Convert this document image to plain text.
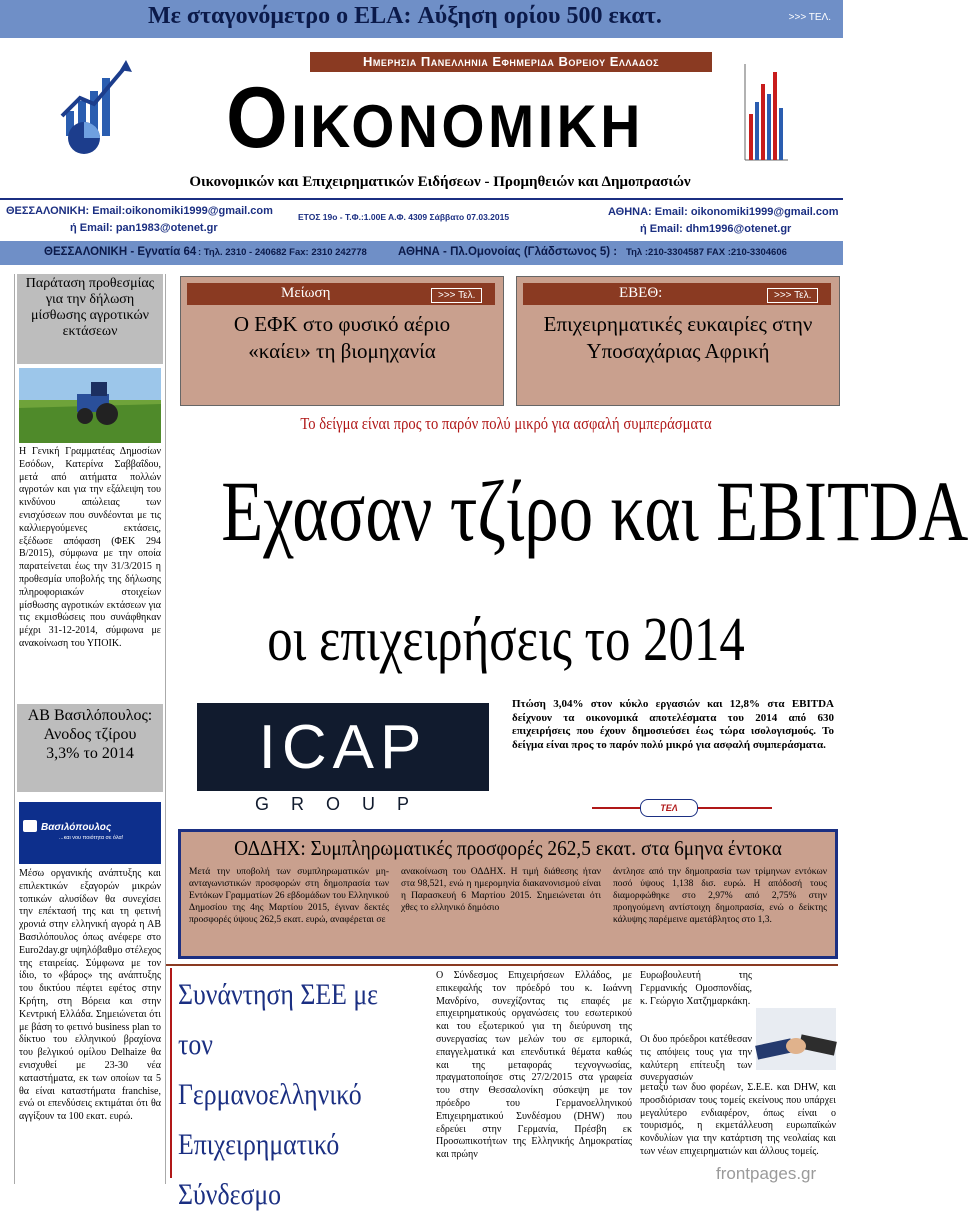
Με σταγονόμετρο ο ELA: Αύξηση ορίου 500 εκατ.	>>> ΤΕΛ.
Ημερησια Πανελληνια Εφημεριδα Βορειου Ελλαδος
Οικονομικη
Οικονομικών και Επιχειρηματικών Ειδήσεων - Προμηθειών και Δημοπρασιών
ΘΕΣΣΑΛΟΝΙΚΗ: Email:oikonomiki1999@gmail.com
ή Email: pan1983@otenet.gr
ΕΤΟΣ 19ο - Τ.Φ.:1.00Ε Α.Φ. 4309 Σάββατο 07.03.2015	ΑΘΗΝΑ: Email: oikonomiki1999@gmail.com
ή Email: dhm1996@otenet.gr
ΘΕΣΣΑΛΟΝΙΚΗ - Εγνατία 64 : Τηλ. 2310 - 240682 Fax: 2310 242778	ΑΘΗΝΑ - Πλ.Ομονοίας (Γλάδστωνος 5) : Τηλ :210-3304587 FAX :210-3304606
Παράταση προθεσμίας για την δήλωση μίσθωσης αγροτικών εκτάσεων
Η Γενική Γραμματέας Δημοσίων Εσόδων, Κατερίνα Σαββαΐδου, μετά από αιτήματα πολλών αγροτών και για την εξάλειψη του κινδύνου απώλειας των ενισχύσεων που συνδέονται με τις καλλιεργούμενες εκτάσεις, εξέδωσε απόφαση (ΦΕΚ 294 Β/2015), σύμφωνα με την οποία παρατείνεται έως την 31/3/2015 η προθεσμία υποβολής της δήλωσης πληροφοριακών στοιχείων μίσθωσης αγροτικών εκτάσεων για τις εκμισθώσεις που συνάφθηκαν μέχρι 31-12-2014, σύμφωνα με ανακοίνωση του ΥΠΟΙΚ.
ΑΒ Βασιλόπουλος: Ανοδος τζίρου 3,3% το 2014
Βασιλόπουλος
...και νου ποιότητα σε όλα!
Μέσω οργανικής ανάπτυξης και επιλεκτικών εξαγορών μικρών τοπικών αλυσίδων θα συνεχίσει την επέκτασή της και τη φετινή χρονιά στην ελληνική αγορά η ΑΒ Βασιλόπουλος όπως ανέφερε στο Euro2day.gr υψηλόβαθμο στέλεχος της εταιρείας. Σύμφωνα με τον ίδιο, το «βάρος» της ανάπτυξης του δικτύου πέφτει εφέτος στην Κρήτη, στη Βόρεια και στην Κεντρική Ελλάδα. Σημειώνεται ότι με βάση το φετινό business plan το δίκτυο του ελληνικού βραχίονα του βελγικού ομίλου Delhaize θα ενισχυθεί με 23-30 νέα καταστήματα, εκ των οποίων τα 5 θα είναι καταστήματα franchise, ενώ οι επενδύσεις εκτιμάται ότι θα αγγίξουν τα 100 εκατ. ευρώ.
Μείωση	>>> Τελ.
Ο ΕΦΚ στο φυσικό αέριο «καίει» τη βιομηχανία
ΕΒΕΘ:	>>> Τελ.
Επιχειρηματικές ευκαιρίες στην Υποσαχάριας Αφρική
Το δείγμα είναι προς το παρόν πολύ μικρό για ασφαλή συμπεράσματα
Εχασαν τζίρο και EBITDA
οι επιχειρήσεις το 2014
ICAP
GROUP
Πτώση 3,04% στον κύκλο εργασιών και 12,8% στα EBITDA δείχνουν τα οικονομικά αποτελέσματα του 2014 από 630 επιχειρήσεις που έχουν δημοσιεύσει έως τώρα ισολογισμούς. Το δείγμα είναι προς το παρόν πολύ μικρό για ασφαλή συμπεράσματα.
ΤΕΛ
ΟΔΔΗΧ: Συμπληρωματικές προσφορές 262,5 εκατ. στα 6μηνα έντοκα
Μετά την υποβολή των συμπληρωματικών μη-ανταγωνιστικών προσφορών στη δημοπρασία των Εντόκων Γραμματίων 26 εβδομάδων του Ελληνικού Δημοσίου της 4ης Μαρτίου 2015, έγιναν δεκτές προσφορές ύψους 262,5 εκατ. ευρώ, αναφέρεται σε
ανακοίνωση του ΟΔΔΗΧ. Η τιμή διάθεσης ήταν στα 98,521, ενώ η ημερομηνία διακανονισμού είναι η Παρασκευή 6 Μαρτίου 2015. Σημειώνεται ότι χθες το ελληνικό δημόσιο
άντλησε από την δημοπρασία των τρίμηνων εντόκων ποσό ύψους 1,138 δισ. ευρώ. Η απόδοσή τους διαμορφώθηκε στο 2,97% από 2,75% στην προηγούμενη αντίστοιχη δημοπρασία, ενώ ο δείκτης κάλυψης παρέμεινε αμετάβλητος στο 1,3.
Συνάντηση ΣΕΕ με τον Γερμανοελληνικό Επιχειρηματικό Σύνδεσμο
Ο Σύνδεσμος Επιχειρήσεων Ελλάδος, με επικεφαλής τον πρόεδρό του κ. Ιωάννη Μανδρίνο, συνεχίζοντας τις επαφές με επιχειρηματικούς οργανώσεις του εσωτερικού και του εξωτερικού για τη διεύρυνση της συνεργασίας των μελών του σε εμπορικά, επαγγελματικά και επενδυτικά θέματα καθώς και της μεταφοράς τεχνογνωσίας, πραγματοποίησε στις 27/2/2015 στα γραφεία του στην Θεσσαλονίκη σύσκεψη με τον πρόεδρο του Γερμανοελληνικού Επιχειρηματικού Συνδέσμου (DHW) που εδρεύει στην Γερμανία, Πρέσβη εκ Προσωπικοτήτων της Ελληνικής Δημοκρατίας και πρώην
Ευρωβουλευτή της Γερμανικής Ομοσπονδίας, κ. Γεώργιο Χατζημαρκάκη.
Οι δυο πρόεδροι κατέθεσαν τις απόψεις τους για την καλύτερη επίτευξη των συνεργασιών
μεταξύ των δυο φορέων, Σ.Ε.Ε. και DHW, και προσδιόρισαν τους τομείς εκείνους που υπάρχει μεγαλύτερο ενδιαφέρον, όπως είναι ο τουρισμός, η εκμετάλλευση ευρωπαϊκών κονδυλίων για την κατάρτιση της νεολαίας και των νέων επιχειρηματιών και άλλους τομείς.
frontpages.gr
